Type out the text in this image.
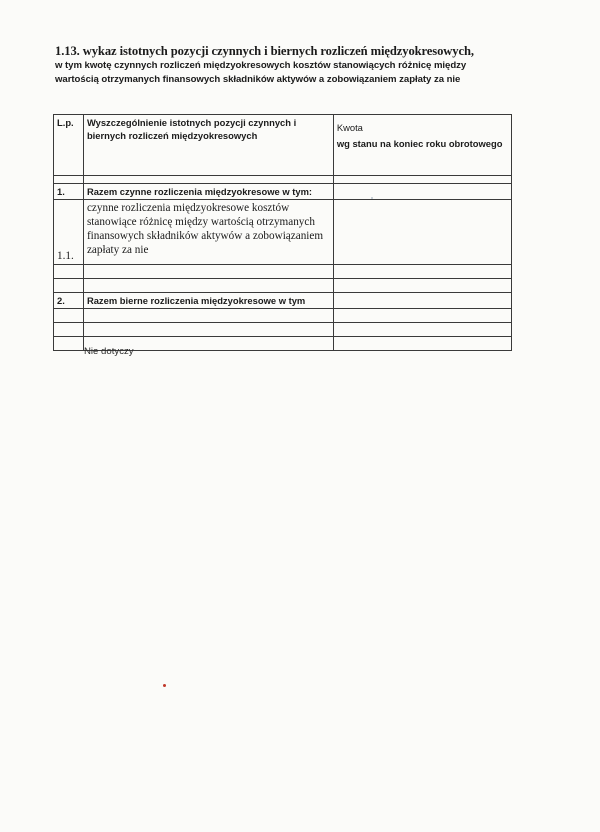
1.13. wykaz istotnych pozycji czynnych i biernych rozliczeń międzyokresowych,
w tym kwotę czynnych rozliczeń międzyokresowych kosztów stanowiących różnicę między
wartością otrzymanych finansowych składników aktywów a zobowiązaniem zapłaty za nie
L.p.	Wyszczególnienie istotnych pozycji czynnych i biernych rozliczeń międzyokresowych	Kwota
wg stanu na koniec roku obrotowego

1.	Razem czynne rozliczenia międzyokresowe w tym:	
1.1.	czynne rozliczenia międzyokresowe kosztów stanowiące różnicę między wartością otrzymanych finansowych składników aktywów a zobowiązaniem zapłaty za nie	

2.	Razem bierne rozliczenia międzyokresowe w tym	

Nie dotyczy
